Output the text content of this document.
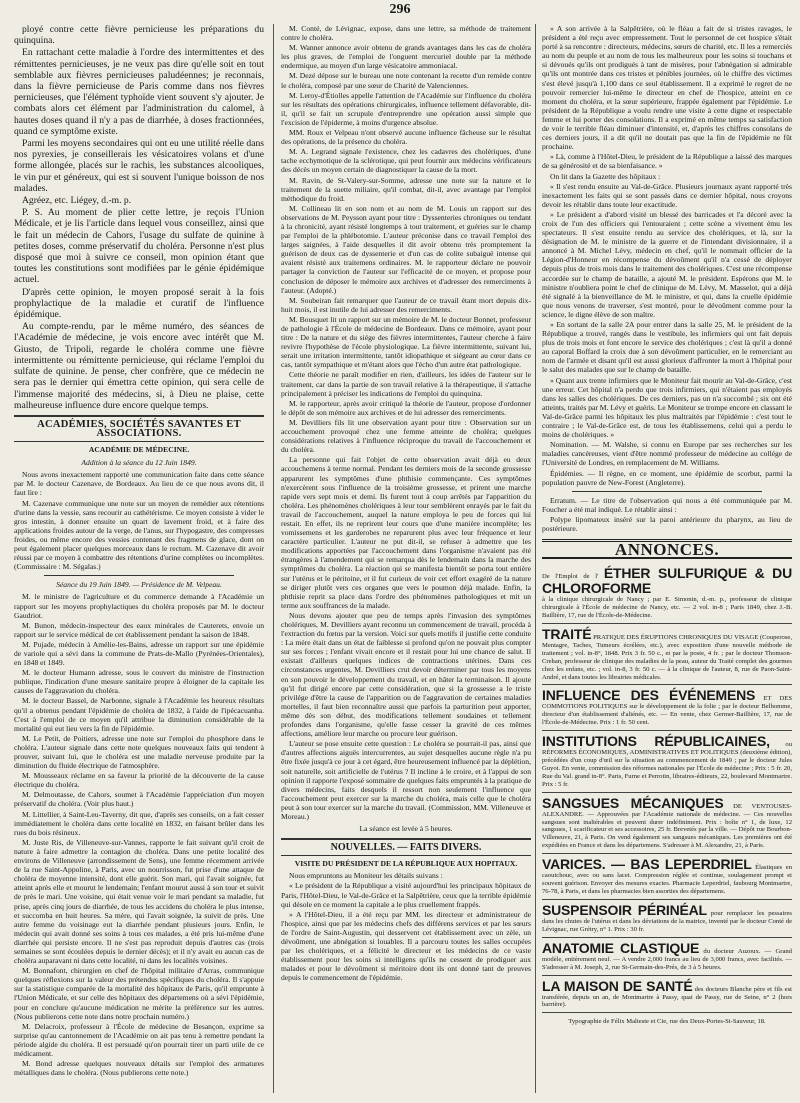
296

ployé contre cette fièvre pernicieuse les préparations du quinquina.

En rattachant cette maladie à l'ordre des intermittentes et des rémittentes pernicieuses, je ne veux pas dire qu'elle soit en tout semblable aux fièvres pernicieuses paludéennes; je reconnais, dans la fièvre pernicieuse de Paris comme dans nos fièvres pernicieuses, que l'élément typhoïde vient souvent s'y ajouter. Je combats alors cet élément par l'administration du calomel, à hautes doses quand il n'y a pas de diarrhée, à doses fractionnées, quand ce symptôme existe.

Parmi les moyens secondaires qui ont eu une utilité réelle dans nos pyrexies, je conseillerais les vésicatoires volans et d'une forme allongée, placés sur le rachis, les substances alcooliques, le vin pur et généreux, qui est si souvent l'unique boisson de nos malades.

Agréez, etc. Liégey, d.-m. p.

P. S. Au moment de plier cette lettre, je reçois l'Union Médicale, et je lis l'article dans lequel vous conseillez, ainsi que le fait un médecin de Cahors, l'usage du sulfate de quinine à petites doses, comme préservatif du choléra. Personne n'est plus disposé que moi à suivre ce conseil, mon opinion étant que toutes les constitutions sont modifiées par le génie épidémique actuel.

D'après cette opinion, le moyen proposé serait à la fois prophylactique de la maladie et curatif de l'influence épidémique.

Au compte-rendu, par le même numéro, des séances de l'Académie de médecine, je vois encore avec intérêt que M. Giusto, de Tripoli, regarde le choléra comme une fièvre intermittente ou rémittente pernicieuse, qui réclame l'emploi du sulfate de quinine. Je pense, cher confrère, que ce médecin ne sera pas le dernier qui émettra cette opinion, qui sera celle de l'immense majorité des médecins, si, à Dieu ne plaise, cette malheureuse influence dure encore quelque temps.

ACADÉMIES, SOCIÉTÉS SAVANTES ET ASSOCIATIONS.
ACADÉMIE DE MÉDECINE.
Addition à la séance du 12 Juin 1849.

Nous avons inexactement rapporté une communication faite dans cette séance par M. le docteur Cazenave, de Bordeaux. Au lieu de ce que nous avons dit, il faut lire :

M. Cazenave communique une note sur un moyen de remédier aux rétentions d'urine dans la vessie, sans recourir au cathétérisme. Ce moyen consiste à vider le gros intestin, à donner ensuite un quart de lavement froid, et à faire des applications froides autour de la verge, de l'anus, sur l'hypogastre, des compresses froides, ou même encore des vessies contenant des fragmens de glace, dont on peut également placer quelques morceaux dans le rectum. M. Cazenave dit avoir réussi par ce moyen à combattre des rétentions d'urine complètes ou incomplètes. (Commissaire : M. Ségalas.)

Séance du 19 Juin 1849. — Présidence de M. Velpeau.

M. le ministre de l'agriculture et du commerce demande à l'Académie un rapport sur les moyens prophylactiques du choléra proposés par M. le docteur Gaudriot.

M. Bunon, médecin-inspecteur des eaux minérales de Cauterets, envoie un rapport sur le service médical de cet établissement pendant la saison de 1848.

M. Pujade, médecin à Amélie-les-Bains, adresse un rapport sur une épidémie de variole qui a sévi dans la commune de Prats-de-Mallo (Pyrénées-Orientales), en 1848 et 1849.

M. le docteur Humann adresse, sous le couvert du ministre de l'instruction publique, l'indication d'une mesure sanitaire propre à éloigner de la capitale les causes de l'aggravation du choléra.

M. le docteur Bassel, de Narbonne, signale à l'Académie les heureux résultats qu'il a obtenus pendant l'épidémie de choléra de 1832, à l'aide de l'ipécacuanha. C'est à l'emploi de ce moyen qu'il attribue la diminution considérable de la mortalité qui eut lieu vers la fin de l'épidémie.

M. Le Petit, de Poitiers, adresse une note sur l'emploi du phosphore dans le choléra. L'auteur signale dans cette note quelques nouveaux faits qui tendent à prouver, suivant lui, que le choléra est une maladie nerveuse produite par la diminution du fluide électrique de l'atmosphère.

M. Mousseaux réclame en sa faveur la priorité de la découverte de la cause électrique du choléra.

M. Delmoutasse, de Cahors, soumet à l'Académie l'appréciation d'un moyen préservatif du choléra. (Voir plus haut.)

M. Littellier, à Saint-Leu-Taverny, dit que, d'après ses conseils, on a fait cesser immédiatement le choléra dans cette localité en 1832, en faisant brûler dans les rues du bois résineux.

M. Juste Ris, de Villeneuve-sur-Vannes, rapporte le fait suivant qu'il croit de nature à faire admettre la contagion du choléra. Dans une petite localité des environs de Villeneuve (arrondissement de Sens), une femme récemment arrivée de la rue Saint-Appoline, à Paris, avec un nourrisson, fut prise d'une attaque de choléra de moyenne intensité, dont elle guérit. Son mari, qui l'avait soignée, fut atteint après elle et mourut le lendemain; l'enfant mourut aussi à son tour et suivit de près le mari. Une voisine, qui était venue voir le mari pendant sa maladie, fut prise, après cinq jours de diarrhée, de tous les accidens du choléra le plus intense, et succomba en huit heures. Sa mère, qui l'avait soignée, la suivit de près. Une autre femme du voisinage eut la diarrhée pendant plusieurs jours. Enfin, le médecin qui avait donné ses soins à tous ces malades, a été pris lui-même d'une diarrhée qui persiste encore. Il ne s'est pas reproduit depuis d'autres cas (trois semaines se sont écoulées depuis le dernier décès); et il n'y avait eu aucun cas de choléra auparavant ni dans cette localité, ni dans les localités voisines.

M. Bonnafont, chirurgien en chef de l'hôpital militaire d'Arras, communique quelques réflexions sur la valeur des prétendus spécifiques du choléra. Il s'appuie sur la statistique comparée de la mortalité des hôpitaux de Paris, qu'il emprunte à l'Union Médicale, et sur celle des hôpitaux des départemens où a sévi l'épidémie, pour en conclure qu'aucune médication ne mérite la préférence sur les autres. (Nous publierons cette note dans notre prochain numéro.)

M. Delacroix, professeur à l'École de médecine de Besançon, exprime sa surprise qu'au cantonnement de l'Académie on ait pas tenu à remettre pendant la période algide du choléra. Il est persuadé qu'on pourrait tirer un parti utile de ce médicament.

M. Bond adresse quelques nouveaux détails sur l'emploi des armatures métalliques dans le choléra. (Nous publierons cette note.)

M. Conté, de Lévignac, expose, dans une lettre, sa méthode de traitement contre le choléra.

M. Wanner annonce avoir obtenu de grands avantages dans les cas de choléra les plus graves, de l'emploi de l'onguent mercuriel double par la méthode endermique, au moyen d'un large vésicatoire ammoniacal.

M. Dezé dépose sur le bureau une note contenant la recette d'un remède contre le choléra, composé par une sœur de Charité de Valenciennes.

M. Leroy-d'Étiolles appelle l'attention de l'Académie sur l'influence du choléra sur les résultats des opérations chirurgicales, influence tellement défavorable, dit-il, qu'il se fait un scrupule d'entreprendre une opération aussi simple que l'excision de l'épiderme, à moins d'urgence absolue.

MM. Roux et Velpeau n'ont observé aucune influence fâcheuse sur le résultat des opérations, de la présence du choléra.

M. A. Legrand signale l'existence, chez les cadavres des cholériques, d'une tache ecchymotique de la sclérotique, qui peut fournir aux médecins vérificateurs des décès un moyen certain de diagnostiquer la cause de la mort.

M. Ravin, de St-Valery-sur-Somme, adresse une note sur la nature et le traitement de la suette miliaire, qu'il combat, dit-il, avec avantage par l'emploi méthodique du froid.

M. Collineau lit en son nom et au nom de M. Louis un rapport sur des observations de M. Peysson ayant pour titre : Dyssenteries chroniques ou tendant à la chronicité, ayant résisté longtemps à tout traitement, et guéries sur le champ par l'emploi de la phlébotomie. L'auteur préconise dans ce travail l'emploi des larges saignées, à l'aide desquelles il dit avoir obtenu très promptement la guérison de deux cas de dyssenterie et d'un cas de colite subaiguë intense qui avaient résisté aux traitemens ordinaires. M. le rapporteur déclare ne pouvoir partager la conviction de l'auteur sur l'efficacité de ce moyen, et propose pour conclusion de déposer le mémoire aux archives et d'adresser des remerciments à l'auteur. (Adopté.)

M. Soubeiran fait remarquer que l'auteur de ce travail étant mort depuis dix-huit mois, il est inutile de lui adresser des remerciments.

M. Bousquet lit un rapport sur un mémoire de M. le docteur Bonnet, professeur de pathologie à l'École de médecine de Bordeaux. Dans ce mémoire, ayant pour titre : De la nature et du siége des fièvres intermittentes, l'auteur cherche à faire revivre l'hypothèse de l'école physiologique. La fièvre intermittente, suivant lui, serait une irritation intermittente, tantôt idiopathique et siégeant au cœur dans ce cas, tantôt sympathique et m'étant alors que l'écho d'un autre état pathologique.

Cette théorie ne paraît modifier en rien, d'ailleurs, les idées de l'auteur sur le traitement, car dans la partie de son travail relative à la thérapeutique, il s'attache principalement à préciser les indications de l'emploi du quinquina.

M. le rapporteur, après avoir critiqué la théorie de l'auteur, propose d'ordonner le dépôt de son mémoire aux archives et de lui adresser des remerciments.

M. Devilliers fils lit une observation ayant pour titre : Observation sur un accouchement provoqué chez une femme atteinte de choléra; quelques considérations relatives à l'influence réciproque du travail de l'accouchement et du choléra.

La personne qui fait l'objet de cette observation avait déjà eu deux accouchemens à terme normal. Pendant les derniers mois de la seconde grossesse apparurent les symptômes d'une phthisie commençante. Ces symptômes n'exercèrent sous l'influence de la troisième grossesse, et prirent une marche rapide vers sept mois et demi. Ils furent tout à coup arrêtés par l'apparition du choléra. Les phénomènes cholériques à leur tour semblèrent enrayés par le fait du travail de l'accouchement, auquel la nature employa le peu de forces qui lui restait. En effet, ils ne reprirent leur cours que d'une manière incomplète; les vomissemens et les garderobes ne reparurent plus avec leur fréquence et leur caractère particulier. L'auteur ne put dit-il, se refuser à admettre que les modifications apportées par l'accouchement dans l'organisme n'avaient pas été étrangères à l'amendement qui se remarqua dès le lendemain dans la marche des symptômes du choléra. La réaction qui se manifesta bientôt se porta tout entière sur l'utérus et le péritoine, et il fut curieux de voir cet effort exagéré de la nature se diriger plutôt vers ces organes que vers le poumon déjà malade. Enfin, la phthisie reprit sa place dans l'ordre des phénomènes pathologiques et mit un terme aux souffrances de la malade.

Nous devons ajouter que peu de temps après l'invasion des symptômes cholériques, M. Devilliers ayant reconnu un commencement de travail, procéda à l'extraction du fœtus par la version. Voici sur quels motifs il justifie cette conduite : La mère était dans un état de faiblesse si profond qu'on ne pouvait plus compter sur ses forces ; l'enfant vivait encore et il restait pour lui une chance de salut. Il existait d'ailleurs quelques indices de contractions utérines. Dans ces circonstances urgentes, M. Devilliers crut devoir déterminer par tous les moyens en son pouvoir le développement du travail, et en hâter la terminaison. Il ajoute qu'il fut dirigé encore par cette considération, que si la grossesse a le triste privilége d'être la cause de l'apparition ou de l'aggravation de certaines maladies mortelles, il faut bien reconnaître aussi que parfois la parturition peut apporter, même dès son début, des modifications tellement soudaines et tellement profondes dans l'organisme, qu'elle fasse cesser la gravité de ces mêmes affections, améliore leur marche ou procure leur guérison.

L'auteur se pose ensuite cette question : Le choléra se pourrait-il pas, ainsi que d'autres affections aiguës intercurrentes, au sujet desquelles aucune règle n'a pu être fixée jusqu'à ce jour à cet égard, être heureusement influencé par la déplétion, soit naturelle, soit artificielle de l'utérus ? Il incline à le croire, et à l'appui de son opinion il rapporte l'exposé sommaire de quelques faits empruntés à la pratique de divers médecins, faits desquels il ressort non seulement l'influence que l'accouchement peut exercer sur la marche du choléra, mais celle que le choléra peut à son tour exercer sur la marche du travail. (Commission, MM. Villeneuve et Moreau.)

La séance est levée à 5 heures.
NOUVELLES. — FAITS DIVERS.
VISITE DU PRÉSIDENT DE LA RÉPUBLIQUE AUX HOPITAUX.

Nous empruntons au Moniteur les détails suivans :

« Le président de la République a visité aujourd'hui les principaux hôpitaux de Paris, l'Hôtel-Dieu, le Val-de-Grâce et la Salpêtrière, ceux que la terrible épidémie qui désole en ce moment la capitale a le plus cruellement frappés.

» A l'Hôtel-Dieu, il a été reçu par MM. les directeur et administrateur de l'hospice, ainsi que par les médecins chefs des différens services et par les sœurs de l'ordre de Saint-Augustin, qui desservent cet établissement avec un zèle, un dévoûment, une abnégation si louables. Il a parcouru toutes les salles occupées par les cholériques, et a félicité le directeur et les médecins de ce vaste établissement pour les soins si intelligens qu'ils ne cessent de prodiguer aux malades et pour le dévoûment si méritoire dont ils ont donné tant de preuves depuis le commencement de l'épidémie.

» A son arrivée à la Salpêtrière, où le fléau a fait de si tristes ravages, le président a été reçu avec empressement. Tout le personnel de cet hospice s'était porté à sa rencontre : directeurs, médecins, sœurs de charité, etc. Il les a remerciés au nom du peuple et au nom de tous les malheureux pour les soins si touchans et si dévoués qu'ils ont prodigués à tant de misères, pour l'abnégation si admirable qu'ils ont montrée dans ces tristes et pénibles journées, où le chiffre des victimes s'est élevé jusqu'à 1,100 dans ce seul établissement. Il a exprimé le regret de ne pouvoir remercier lui-même le directeur en chef de l'hospice, atteint en ce moment du choléra, et la sœur supérieure, frappée également par l'épidémie. Le président de la République a voulu rendre une visite à cette digne et respectable femme et lui porter des consolations. Il a exprimé en même temps sa satisfaction de voir le terrible fléau diminuer d'intensité, et, d'après les chiffres consolans de ces derniers jours, il a dit qu'il ne doutait pas que la fin de l'épidémie ne fût prochaine.

» Là, comme à l'Hôtel-Dieu, le président de la République a laissé des marques de sa générosité et de sa bienfaisance. »

On lit dans la Gazette des hôpitaux :

« Il s'est rendu ensuite au Val-de-Grâce. Plusieurs journaux ayant rapporté très inexactement les faits qui se sont passés dans ce dernier hôpital, nous croyons devoir les rétablir dans toute leur exactitude.

» Le président a d'abord visité un blessé des barricades et l'a décoré avec la croix de l'un des officiers qui l'entouraient ; cette scène a vivement ému les spectateurs. Il s'est ensuite rendu au service des cholériques, et là, sur la désignation de M. le ministre de la guerre et de l'intendant divisionnaire, il a annoncé à M. Michel Lévy, médecin en chef, qu'il le nommait officier de la Légion-d'Honneur en récompense du dévoûment qu'il n'a cessé de déployer depuis plus de trois mois dans le traitement des cholériques. C'est une récompense accordée sur le champ de bataille, a ajouté M. le président. Espérons que M. le ministre n'oubliera point le chef de clinique de M. Lévy, M. Masselot, qui a déjà été signalé à la bienveillance de M. le ministre, et qui, dans la cruelle épidémie que nous venons de traverser, s'est montré, pour le dévoûment comme pour la science, le digne élève de son maître.

» En sortant de la salle 2A pour entrer dans la salle 25, M. le président de la République a trouvé, rangés dans le vestibule, les infirmiers qui ont fait depuis plus de trois mois et font encore le service des cholériques ; c'est là qu'il a donné au caporal Boffard la croix due à son dévoûment particulier, en le remerciant au nom de l'armée et disant qu'il est aussi glorieux d'affronter la mort à l'hôpital pour le salut des malades que sur le champ de bataille.

» Quant aux trente infirmiers que le Moniteur fait mourir au Val-de-Grâce, c'est une erreur. Cet hôpital n'a perdu que trois infirmiers, qui n'étaient pas employés dans les salles des cholériques. De ces derniers, pas un n'a succombé ; six ont été atteints, traités par M. Lévy et guéris. Le Moniteur se trompe encore en classant le Val-de-Grâce parmi les hôpitaux les plus maltraités par l'épidémie : c'est tout le contraire ; le Val-de-Grâce est, de tous les établissemens, celui qui a perdu le moins de cholériques. »

Nomination. — M. Walshe, si connu en Europe par ses recherches sur les maladies cancéreuses, vient d'être nommé professeur de médecine au collége de l'Université de Londres, en remplacement de M. Williams.

Épidémies. — Il règne, en ce moment, une épidémie de scorbut, parmi la population pauvre de New-Forest (Angleterre).

Erratum. — Le titre de l'observation qui nous a été communiquée par M. Foucher a été mal indiqué. Le rétablir ainsi :

Polype lipomateux inséré sur la paroi antérieure du pharynx, au lieu de postérieure.

ANNONCES.
De l'Emploi de l' ÉTHER SULFURIQUE & DU CHLOROFORME
à la clinique chirurgicale de Nancy ; par E. Simonin, d.-m. p., professeur de clinique chirurgicale à l'École de médecine de Nancy, etc. — 2 vol. in-8 ; Paris 1849, chez J.-B. Baillière, 17, rue de l'École-de-Médecine.
TRAITÉ PRATIQUE DES ÉRUPTIONS CHRONIQUES DU VISAGE (Couperose, Mentagre, Taches, Tumeurs écrélées, etc.), avec exposition d'une nouvelle méthode de traitement ; vol. in-8°, 1848. Prix 3 fr. 50 c., et par la poste, 4 fr. ; par le docteur Thomson-Crehan, professeur de clinique des maladies de la peau, auteur du Traité complet des gourmes chez les enfans, etc. ; vol. in-8, 3 fr. 50 c. — à la clinique de l'auteur, 8, rue de Paon-Saint-André, et dans toutes les librairies médicales.
INFLUENCE DES ÉVÉNEMENS ET DES COMMOTIONS POLITIQUES sur le développement de la folie ; par le docteur Belhomme, directeur d'un établissement d'aliénés, etc. — En vente, chez Germer-Baillière, 17, rue de l'École-de-Médecine. Prix : 1 fr. 50 cent.
INSTITUTIONS RÉPUBLICAINES, ou RÉFORMES ÉCONOMIQUES, ADMINISTRATIVES ET POLITIQUES (deuxième édition), précédées d'un coup d'œil sur la situation au commencement de 1849 ; par le docteur Jules Guyot. En vente, commission des réformes nationales par l'École de médecine ; Prix : 5 fr. 20, Rue du Val. grand in-8°. Paris, Furne et Perrotin, libraires-éditeurs, 22, boulevard Montmartre. Prix : 5 fr.
SANGSUES MÉCANIQUES DE VENTOUSES-ALEXANDRE. — Approuvées par l'Académie nationale de médecine. — Ces nouvelles sangsues sont inaltérables et peuvent durer indéfiniment. Prix : boîte n° 1, de luxe, 12 sangsues, 1 scarificateur et ses accessoires, 25 fr. Brevetés par la ville. — Dépôt rue Bourbon-Villeneuve, 21, à Paris. On vend également ses sangsues mécaniques. Les premières ont été expédiées en France et dans les départemens. S'adresser à M. Alexandre, 21, à Paris.
VARICES. — BAS LEPERDRIEL Élastiques en caoutchouc, avec ou sans lacet. Compression réglée et continue, soulagement prompt et souvent guérison. Envoyer des mesures exactes. Pharmacie Leperdriel, faubourg Montmartre, 76-78, à Paris, et dans les pharmacies bien assorties des départemens.
SUSPENSOIR PÉRINÉAL pour remplacer les pessaires dans les chutes de l'utérus et dans les déviations de la matrice, inventé par le docteur Conté de Lévignac, rue Grétry, n° 1. Prix : 30 fr.
ANATOMIE CLASTIQUE du docteur Auzoux. — Grand modèle, entièrement neuf. — A vendre 2,000 francs au lieu de 3,000 francs, avec facilités. — S'adresser à M. Joseph, 2, rue St-Germain-des-Prés, de 3 à 5 heures.
LA MAISON DE SANTÉ des docteurs Blanche père et fils est transférée, depuis un an, de Montmartre à Passy, quai de Passy, rue de Seine, n° 2 (hors barrière).
Typographie de Félix Malteste et Cie, rue des Deux-Portes-St-Sauveur, 18.
